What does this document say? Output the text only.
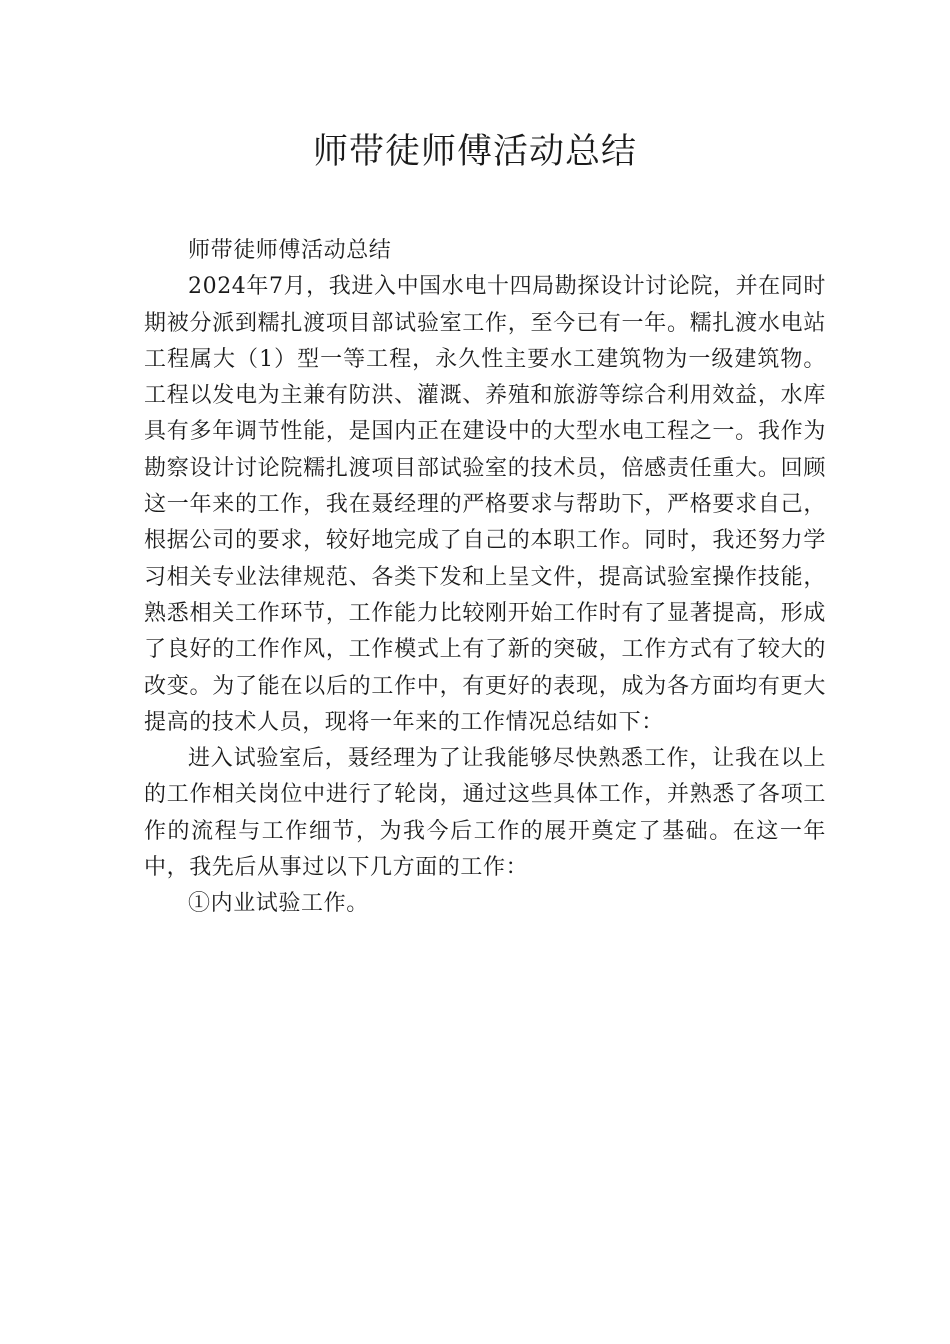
师带徒师傅活动总结

师带徒师傅活动总结

2024年7月，我进入中国水电十四局勘探设计讨论院，并在同时期被分派到糯扎渡项目部试验室工作，至今已有一年。糯扎渡水电站工程属大（1）型一等工程，永久性主要水工建筑物为一级建筑物。工程以发电为主兼有防洪、灌溉、养殖和旅游等综合利用效益，水库具有多年调节性能，是国内正在建设中的大型水电工程之一。我作为勘察设计讨论院糯扎渡项目部试验室的技术员，倍感责任重大。回顾这一年来的工作，我在聂经理的严格要求与帮助下，严格要求自己，根据公司的要求，较好地完成了自己的本职工作。同时，我还努力学习相关专业法律规范、各类下发和上呈文件，提高试验室操作技能，熟悉相关工作环节，工作能力比较刚开始工作时有了显著提高，形成了良好的工作作风，工作模式上有了新的突破，工作方式有了较大的改变。为了能在以后的工作中，有更好的表现，成为各方面均有更大提高的技术人员，现将一年来的工作情况总结如下：

进入试验室后，聂经理为了让我能够尽快熟悉工作，让我在以上的工作相关岗位中进行了轮岗，通过这些具体工作，并熟悉了各项工作的流程与工作细节，为我今后工作的展开奠定了基础。在这一年中，我先后从事过以下几方面的工作：

①内业试验工作。
